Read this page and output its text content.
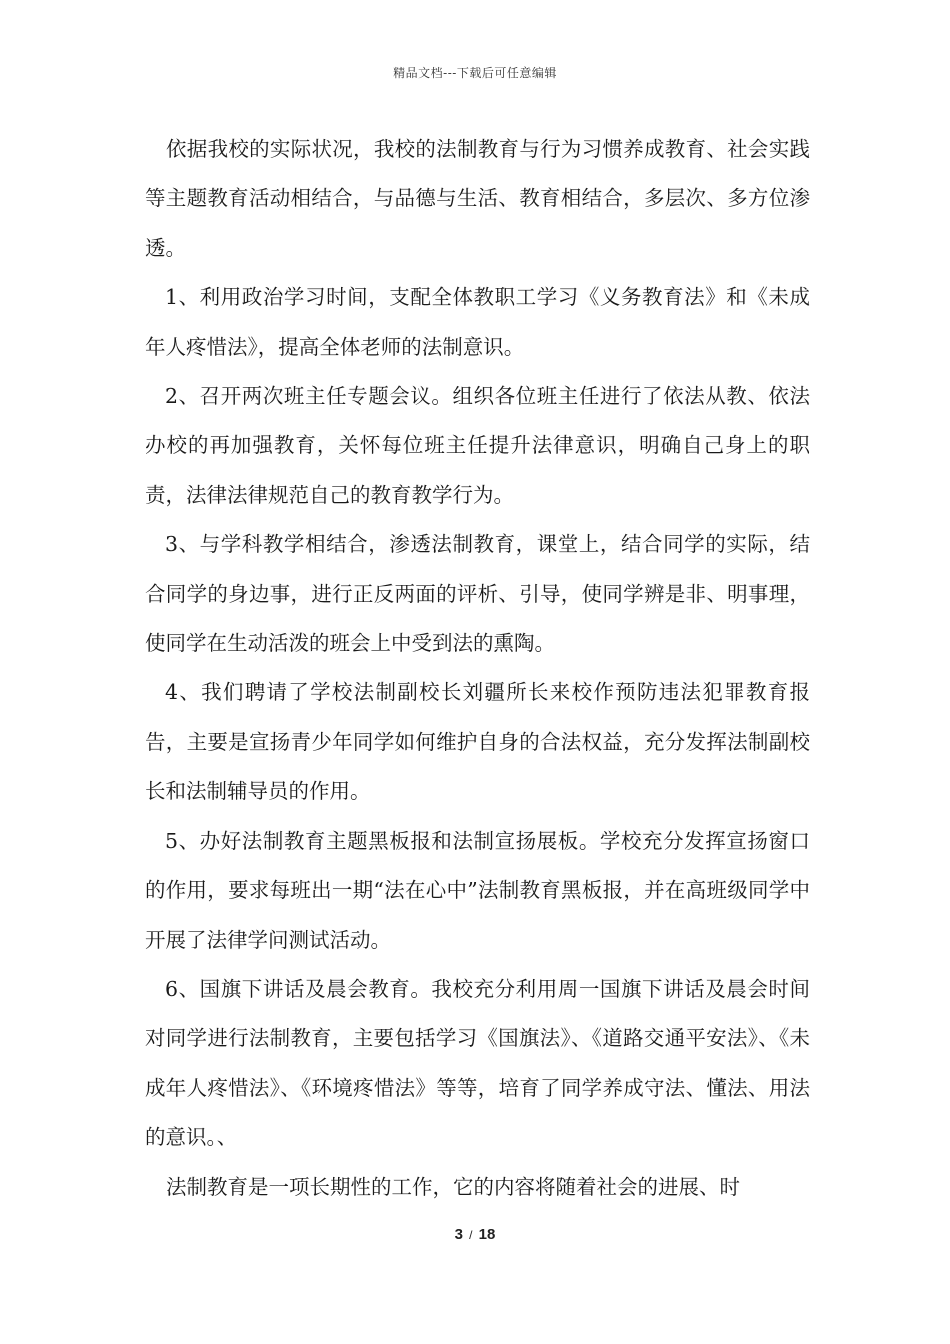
精品文档---下载后可任意编辑

依据我校的实际状况，我校的法制教育与行为习惯养成教育、社会实践等主题教育活动相结合，与品德与生活、教育相结合，多层次、多方位渗透。

1、利用政治学习时间，支配全体教职工学习《义务教育法》和《未成年人疼惜法》，提高全体老师的法制意识。

2、召开两次班主任专题会议。组织各位班主任进行了依法从教、依法办校的再加强教育，关怀每位班主任提升法律意识，明确自己身上的职责，法律法律规范自己的教育教学行为。

3、与学科教学相结合，渗透法制教育，课堂上，结合同学的实际，结合同学的身边事，进行正反两面的评析、引导，使同学辨是非、明事理，使同学在生动活泼的班会上中受到法的熏陶。

4、我们聘请了学校法制副校长刘疆所长来校作预防违法犯罪教育报告，主要是宣扬青少年同学如何维护自身的合法权益，充分发挥法制副校长和法制辅导员的作用。

5、办好法制教育主题黑板报和法制宣扬展板。学校充分发挥宣扬窗口的作用，要求每班出一期“法在心中”法制教育黑板报，并在高班级同学中开展了法律学问测试活动。

6、国旗下讲话及晨会教育。我校充分利用周一国旗下讲话及晨会时间对同学进行法制教育，主要包括学习《国旗法》、《道路交通平安法》、《未成年人疼惜法》、《环境疼惜法》等等，培育了同学养成守法、懂法、用法的意识。、

法制教育是一项长期性的工作，它的内容将随着社会的进展、时

3 / 18
